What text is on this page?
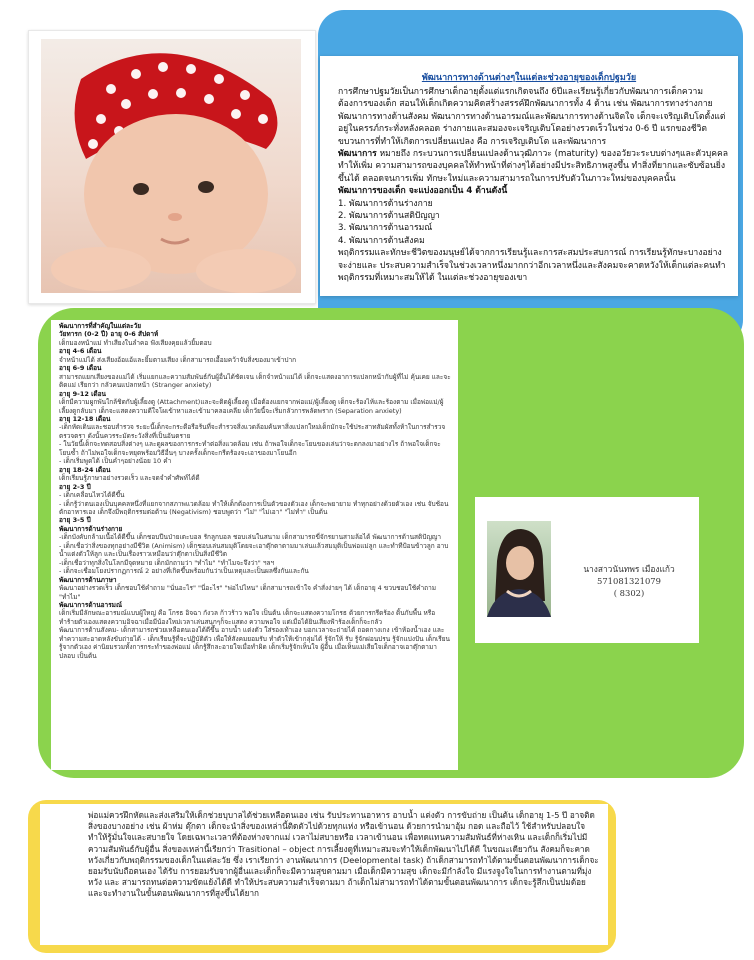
พัฒนาการทางด้านต่างๆในแต่ละช่วงอายุของเด็กปฐมวัย

การศึกษาปฐมวัยเป็นการศึกษาเด็กอายุตั้งแต่แรกเกิดจนถึง 6ปีและเรียนรู้เกี่ยวกับพัฒนาการเด็กความต้องการของเด็ก สอนให้เด็กเกิดความคิดสร้างสรรค์ฝึกพัฒนาการทั้ง 4 ด้าน เช่น พัฒนาการทางร่างกาย พัฒนาการทางด้านสังคม พัฒนาการทางด้านอารมณ์และพัฒนาการทางด้านจิตใจ เด็กจะเจริญเติบโตตั้งแต่อยู่ในครรภ์กระทั่งหลังคลอด ร่างกายและสมองจะเจริญเติบโตอย่างรวดเร็วในช่วง 0-6 ปี แรกของชีวิต ขบวนการที่ทำให้เกิดการเปลี่ยนแปลง คือ การเจริญเติบโต และพัฒนาการ

พัฒนาการ หมายถึง กระบวนการเปลี่ยนแปลงด้านวุฒิภาวะ (maturity) ของอวัยวะระบบต่างๆและตัวบุคคล ทำให้เพิ่ม ความสามารถของบุคคลให้ทำหน้าที่ต่างๆได้อย่างมีประสิทธิภาพสูงขึ้น ทำสิ่งที่ยากและซับซ้อนยิ่งขึ้นได้ ตลอดจนการเพิ่ม ทักษะใหม่และความสามารถในการปรับตัวในภาวะใหม่ของบุคคลนั้น

พัฒนาการของเด็ก จะแบ่งออกเป็น 4 ด้านดังนี้

1. พัฒนาการด้านร่างกาย

2. พัฒนาการด้านสติปัญญา

3. พัฒนาการด้านอารมณ์

4. พัฒนาการด้านสังคม

พฤติกรรมและทักษะชีวิตของมนุษย์ได้จากการเรียนรู้และการสะสมประสบการณ์ การเรียนรู้ทักษะบางอย่างจะง่ายและ ประสบความสำเร็จในช่วงเวลาหนึ่งมากกว่าอีกเวลาหนึ่งและสังคมจะคาดหวังให้เด็กแต่ละคนทำพฤติกรรมที่เหมาะสมให้ได้ ในแต่ละช่วงอายุของเขา

พัฒนาการที่สำคัญในแต่ละวัย

วัยทารก (0-2 ปี) อายุ 0-6 สัปดาห์

เด็กมองหน้าแม่ ทำเสียงในลำคอ ฟังเสียงคุยแล้วยิ้มตอบ

อายุ 4-6 เดือน

จำหน้าแม่ได้ ส่งเสียงอ้อแอ้และยิ้มตามเสียง เด็กสามารถเอื้อมคว้าจับสิ่งของมาเข้าปาก

อายุ 6-9 เดือน

สามารถแยกเสียงของแม่ได้ เริ่มแยกและความสัมพันธ์กับผู้อื่นได้ชัดเจน เด็กจำหน้าแม่ได้ เด็กจะแสดงอาการแปลกหน้ากับผู้ที่ไม่ คุ้นเคย และจะติดแม่ เรียกว่า กลัวคนแปลกหน้า (Stranger anxiety)

อายุ 9-12 เดือน

เด็กมีความผูกพันใกล้ชิดกับผู้เลี้ยงดู (Attachment)และจะติดผู้เลี้ยงดู เมื่อต้องแยกจากพ่อแม่/ผู้เลี้ยงดู เด็กจะร้องไห้และร้องตาม เมื่อพ่อแม่/ผู้เลี้ยงดูกลับมา เด็กจะแสดงความดีใจโผเข้าหาและเข้ามาคลอเคลีย เด็กวัยนี้จะเริ่มกลัวการพลัดพราก (Separation anxiety)

อายุ 12-18 เดือน

-เด็กหัดเดินและชอบสำรวจ ระยะนี้เด็กจะกระตือรือร้นที่จะสำรวจสิ่งแวดล้อมค้นหาสิ่งแปลกใหม่เด็กมักจะใช้ประสาทสัมผัสทั้งห้าในการสำรวจตรวจตรา ดังนั้นควรระมัดระวังสิ่งที่เป็นอันตราย

- ในวัยนี้เด็กจะทดสอบสิ่งต่างๆ และดูผลของการกระทำต่อสิ่งแวดล้อม เช่น ถ้าพอใจเด็กจะโยนของเล่นว่าจะตกลงมาอย่างไร ถ้าพอใจเด็กจะโยนซ้ำ ถ้าไม่พอใจเด็กจะหยุดพร้อมวิธีอื่นๆ บางครั้งเด็กจะกรีดร้องจะเอาของมาโยนอีก

- เด็กเริ่มพูดได้ เป็นคำๆอย่างน้อย 10 คำ

อายุ 18-24 เดือน

เด็กเรียนรู้ภาษาอย่างรวดเร็ว และจดจำคำศัพท์ได้ดี

อายุ 2-3 ปี

- เด็กเคลื่อนไหวได้ดีขึ้น

- เด็กรู้ว่าตนเองเป็นบุคคลหนึ่งที่แยกจากสภาพแวดล้อม ทำให้เด็กต้องการเป็นตัวของตัวเอง เด็กจะพยายาม ทำทุกอย่างด้วยตัวเอง เช่น จับช้อนตักอาหารเอง เด็กจึงมีพฤติกรรมต่อต้าน (Negativism) ชอบพูดว่า "ไม่" "ไม่เอา" "ไม่ทำ" เป็นต้น

อายุ 3-5 ปี

พัฒนาการด้านร่างกาย

-เด็กบังคับกล้ามเนื้อได้ดีขึ้น เด็กชอบปีนป่ายเตะบอล รักลูกบอล ชอบเล่นในสนาม เด็กสามารถขี่จักรยานสามล้อได้ พัฒนาการด้านสติปัญญา

- เด็กเชื่อว่าสิ่งของทุกอย่างมีชีวิต (Animism) เด็กชอบเล่นสมมุติโดยจะเอาตุ๊กตาตามมาเล่นแล้วสมมุติเป็นพ่อแม่ลูก และทำทีป้อนข้าวลูก อาบน้ำแต่งตัวให้ลูก และเป็นเรื่องราวเหมือนว่าตุ๊กตาเป็นสิ่งมีชีวิต

-เด็กเชื่อว่าทุกสิ่งในโลกมีจุดหมาย เด็กมักถามว่า "ทำไม" "ทำไมจะจึงว่า" ฯลฯ

- เด็กจะเชื่อมโยงปรากฏการณ์ 2 อย่างที่เกิดขึ้นพร้อมกันว่าเป็นเหตุและเป็นผลซึ่งกันและกัน

พัฒนาการด้านภาษา

พัฒนาอย่างรวดเร็ว เด็กชอบใช้คำถาม "นั่นอะไร" "นี่อะไร" "พ่อไปไหน" เด็กสามารถเข้าใจ คำสั่งง่ายๆ ได้ เด็กอายุ 4 ขวบชอบใช้คำถาม "ทำไม"

พัฒนาการด้านอารมณ์

เด็กเริ่มมีลักษณะอารมณ์แบบผู้ใหญ่ คือ โกรธ อิจฉา กังวล ก้าวร้าว พอใจ เป็นต้น เด็กจะแสดงความโกรธ ด้วยการกรีดร้อง ดิ้นกับพื้น หรือทำร้ายตัวเองแสดงความอิจฉาเมื่อมีน้องใหม่เวลาเล่นสนุกๆก็จะแสดง ความพอใจ แต่เมื่อได้ยินเสียงฟ้าร้องเด็กก็จะกลัว

พัฒนาการด้านสังคม- เด็กสามารถช่วยเหลือตนเองได้ดีขึ้น อาบน้ำ แต่งตัว ใส่รองเท้าเอง บอกเวลาจะถ่ายได้ ถอดกางเกง เข้าห้องน้ำเอง และทำความสะอาดหลังขับถ่ายได้ - เด็กเรียนรู้ที่จะปฏิบัติตัว เพื่อให้สังคมยอมรับ ทำตัวให้เข้ากลุ่มได้ รู้จักให้ รับ รู้จักผ่อนปรน รู้จักแบ่งปัน เด็กเรียนรู้จากตัวเอง ค่านิยมรวมทั้งการกระทำของพ่อแม่ เด็กรู้สึกละอายใจเมื่อทำผิด เด็กเริ่มรู้จักเห็นใจ ผู้อื่น เมื่อเห็นแม่เสียใจเด็กอาจเอาตุ๊กตามาปลอบ เป็นต้น

นางสาวนันทพร เมืองแก้ว
571081321079
( 8302)

พ่อแม่ควรฝึกหัดและส่งเสริมให้เด็กช่วยบุบาลได้ช่วยเหลือตนเอง เช่น รับประทานอาหาร อาบน้ำ แต่งตัว การขับถ่าย เป็นต้น เด็กอายุ 1-5 ปี อาจติดสิ่งของบางอย่าง เช่น ผ้าห่ม ตุ๊กตา เด็กจะนำสิ่งของเหล่านี้ติดตัวไปด้วยทุกแห่ง หรือเข้านอน ด้วยการนำมาอุ้ม กอด และถือไว้ ใช้สำหรับปลอบใจ ทำให้รู้มั่นใจและสบายใจ โดยเฉพาะเวลาที่ต้องห่างจากแม่ เวลาไม่สบายหรือ เวลาเข้านอน เพื่อทดแทนความสัมพันธ์ที่ห่างเหิน และเด็กก็เริ่มไปมีความสัมพันธ์กับผู้อื่น สิ่งของเหล่านี้เรียกว่า Trasitional – object การเลี้ยงดูที่เหมาะสมจะทำให้เด็กพัฒนาไปได้ดี ในขณะเดียวกัน สังคมก็จะคาดหวังเกี่ยวกับพฤติกรรมของเด็กในแต่ละวัย ซึ่ง เราเรียกว่า งานพัฒนาการ (Deelopmental task) ถ้าเด็กสามารถทำได้ตามขั้นตอนพัฒนาการเด็กจะยอมรับนับถือตนเอง ได้รับ การยอมรับจากผู้อื่นและเด็กก็จะมีความสุขตามมา เมื่อเด็กมีความสุข เด็กจะมีกำลังใจ มีแรงจูงใจในการทำงานตามที่มุ่งหวัง และ สามารถทนต่อความขัดแย้งได้ดี ทำให้ประสบความสำเร็จตามมา ถ้าเด็กไม่สามารถทำได้ตามขั้นตอนพัฒนาการ เด็กจะรู้สึกเป็นปมด้อย และจะทำงานในขั้นตอนพัฒนาการที่สูงขึ้นได้ยาก
